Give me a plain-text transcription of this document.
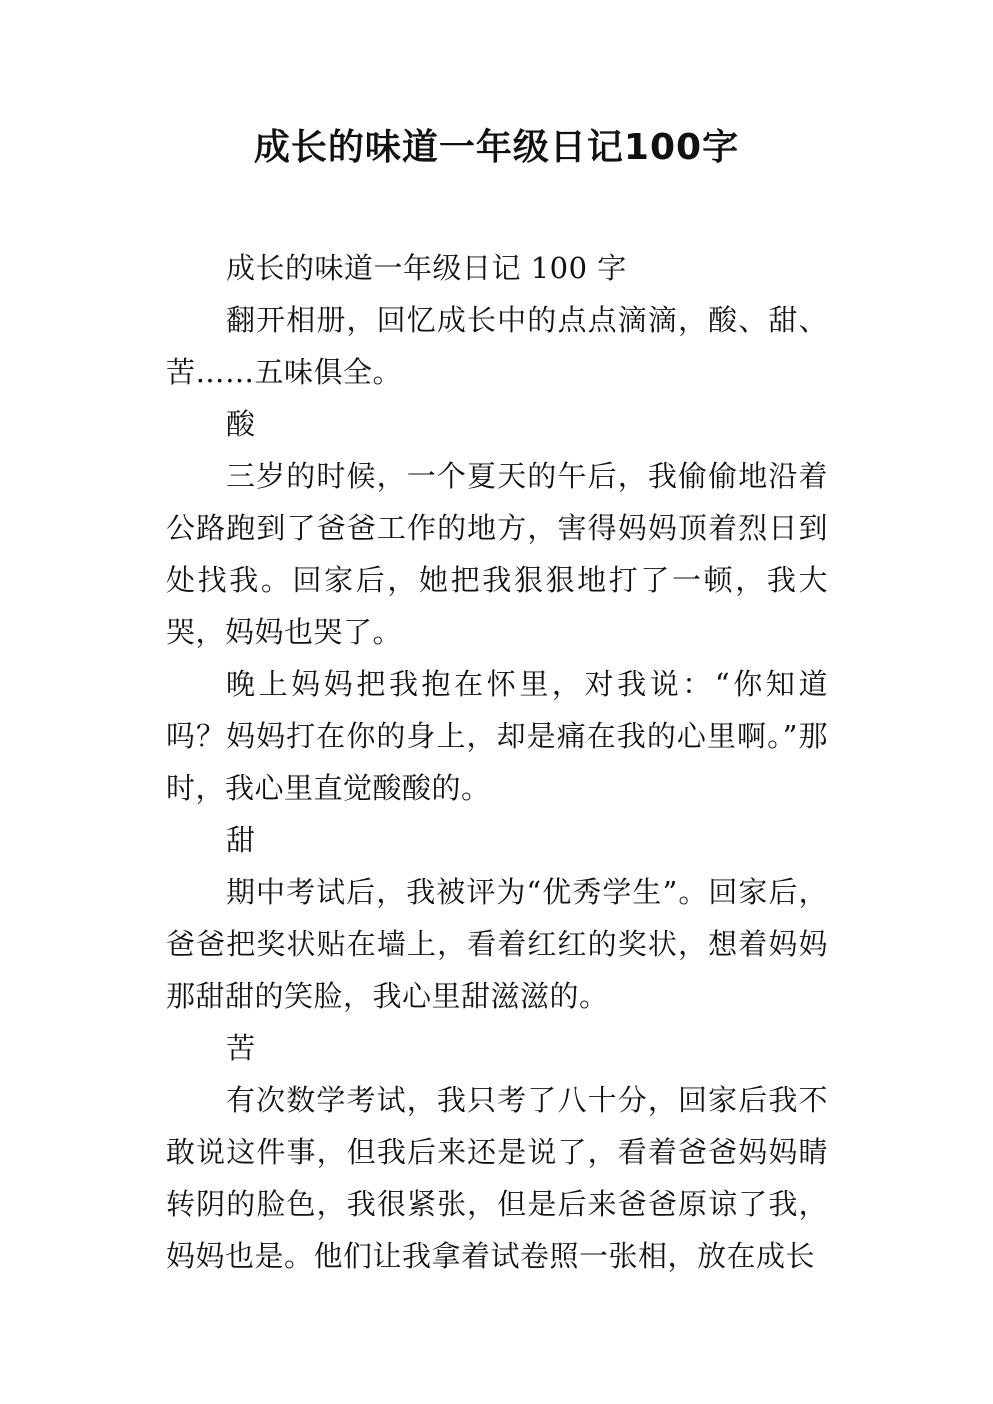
成长的味道一年级日记100字

成长的味道一年级日记 100 字

翻开相册，回忆成长中的点点滴滴，酸、甜、苦……五味俱全。

酸

三岁的时候，一个夏天的午后，我偷偷地沿着公路跑到了爸爸工作的地方，害得妈妈顶着烈日到处找我。回家后，她把我狠狠地打了一顿，我大哭，妈妈也哭了。

晚上妈妈把我抱在怀里，对我说：“你知道吗？妈妈打在你的身上，却是痛在我的心里啊。”那时，我心里直觉酸酸的。

甜

期中考试后，我被评为“优秀学生”。回家后，爸爸把奖状贴在墙上，看着红红的奖状，想着妈妈那甜甜的笑脸，我心里甜滋滋的。

苦

有次数学考试，我只考了八十分，回家后我不敢说这件事，但我后来还是说了，看着爸爸妈妈睛转阴的脸色，我很紧张，但是后来爸爸原谅了我，妈妈也是。他们让我拿着试卷照一张相，放在成长
